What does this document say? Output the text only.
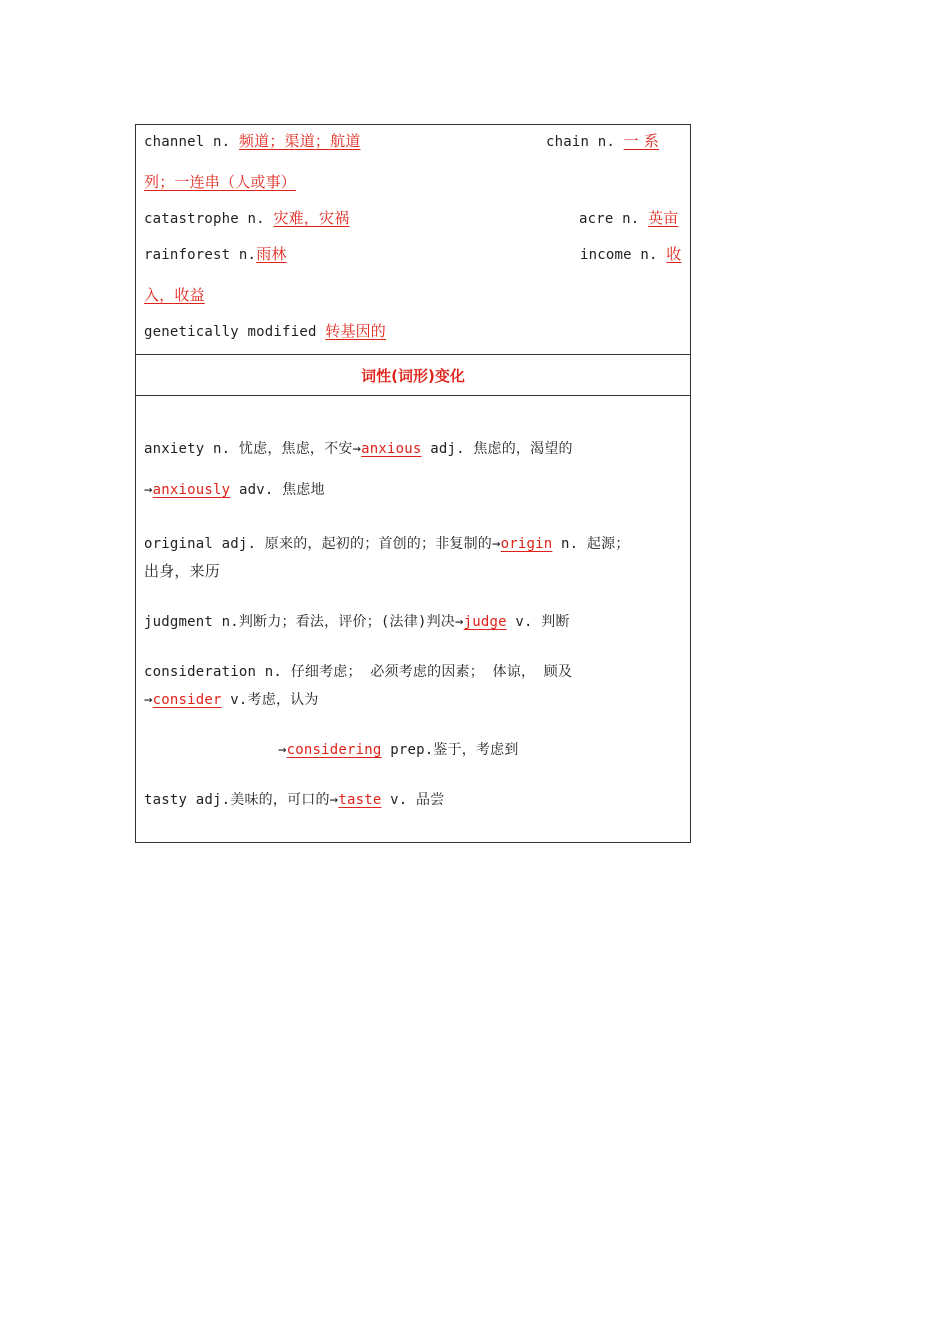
channel n. 频道；渠道；航道	chain n. 一 系
列；一连串（人或事）
catastrophe n. 灾难，灾祸	acre n. 英亩
rainforest n.雨林	income n. 收
入，收益
genetically modified 转基因的
词性(词形)变化
anxiety n. 忧虑，焦虑，不安→anxious adj. 焦虑的，渴望的
→anxiously adv. 焦虑地
original adj. 原来的，起初的；首创的；非复制的→origin n. 起源；
出身，来历
judgment n.判断力；看法，评价；(法律)判决→judge v. 判断
consideration n. 仔细考虑； 必须考虑的因素； 体谅， 顾及
→consider v.考虑，认为
→considering prep.鉴于，考虑到
tasty adj.美味的，可口的→taste v. 品尝
